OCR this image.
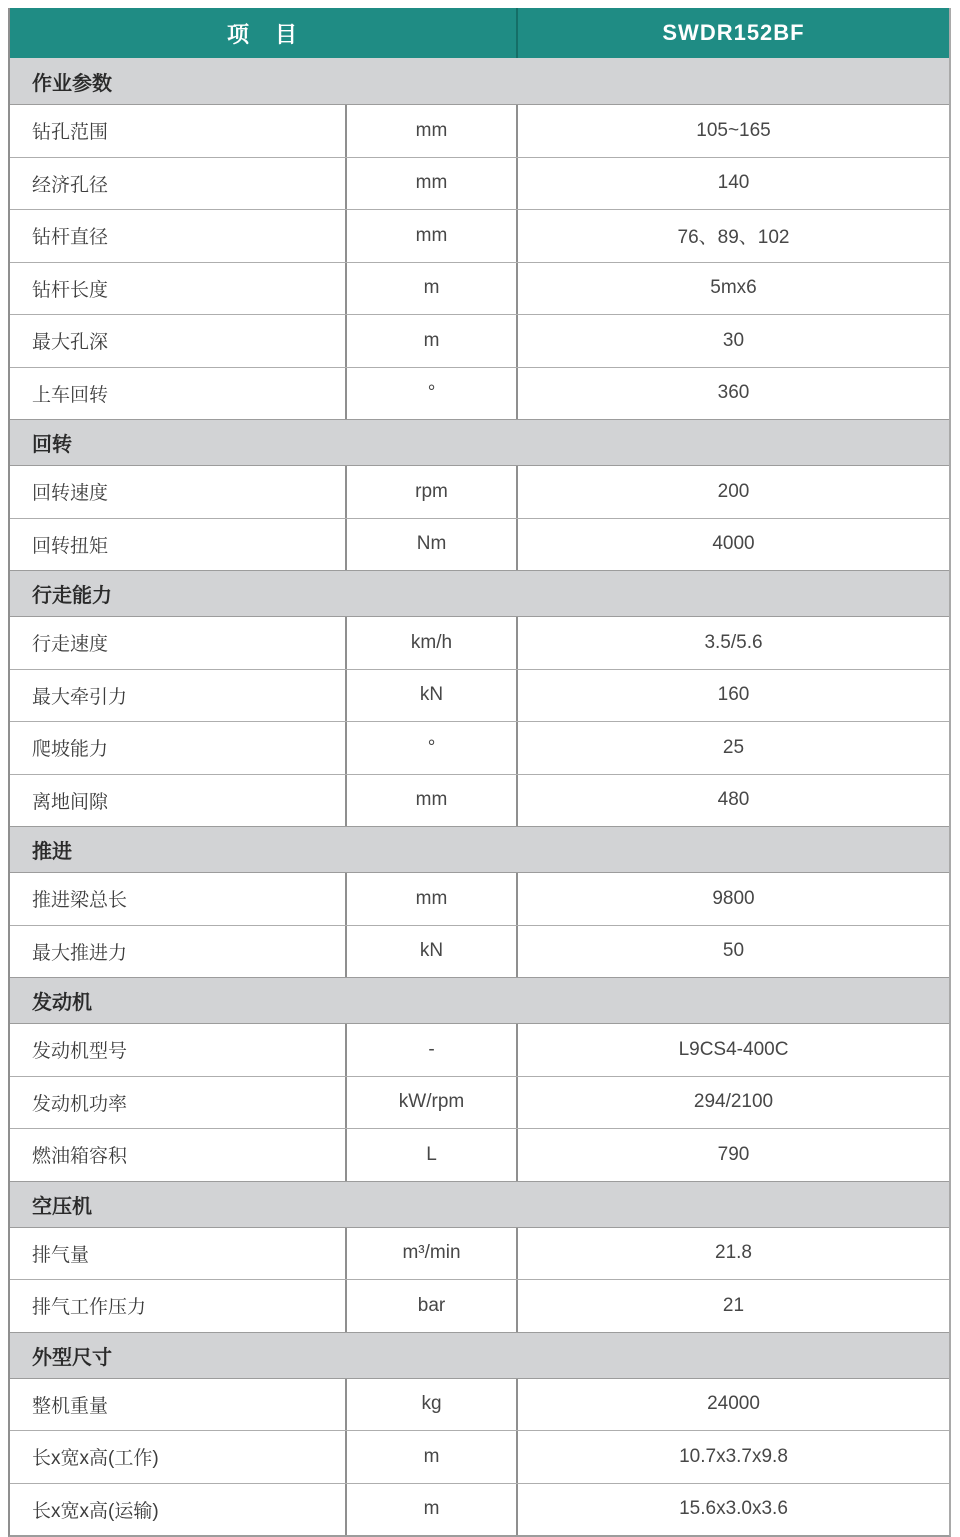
项　目	SWDR152BF
作业参数
钻孔范围	mm	105~165
经济孔径	mm	140
钻杆直径	mm	76、89、102
钻杆长度	m	5mx6
最大孔深	m	30
上车回转	°	360
回转
回转速度	rpm	200
回转扭矩	Nm	4000
行走能力
行走速度	km/h	3.5/5.6
最大牵引力	kN	160
爬坡能力	°	25
离地间隙	mm	480
推进
推进梁总长	mm	9800
最大推进力	kN	50
发动机
发动机型号	-	L9CS4-400C
发动机功率	kW/rpm	294/2100
燃油箱容积	L	790
空压机
排气量	m³/min	21.8
排气工作压力	bar	21
外型尺寸
整机重量	kg	24000
长x宽x高(工作)	m	10.7x3.7x9.8
长x宽x高(运输)	m	15.6x3.0x3.6
